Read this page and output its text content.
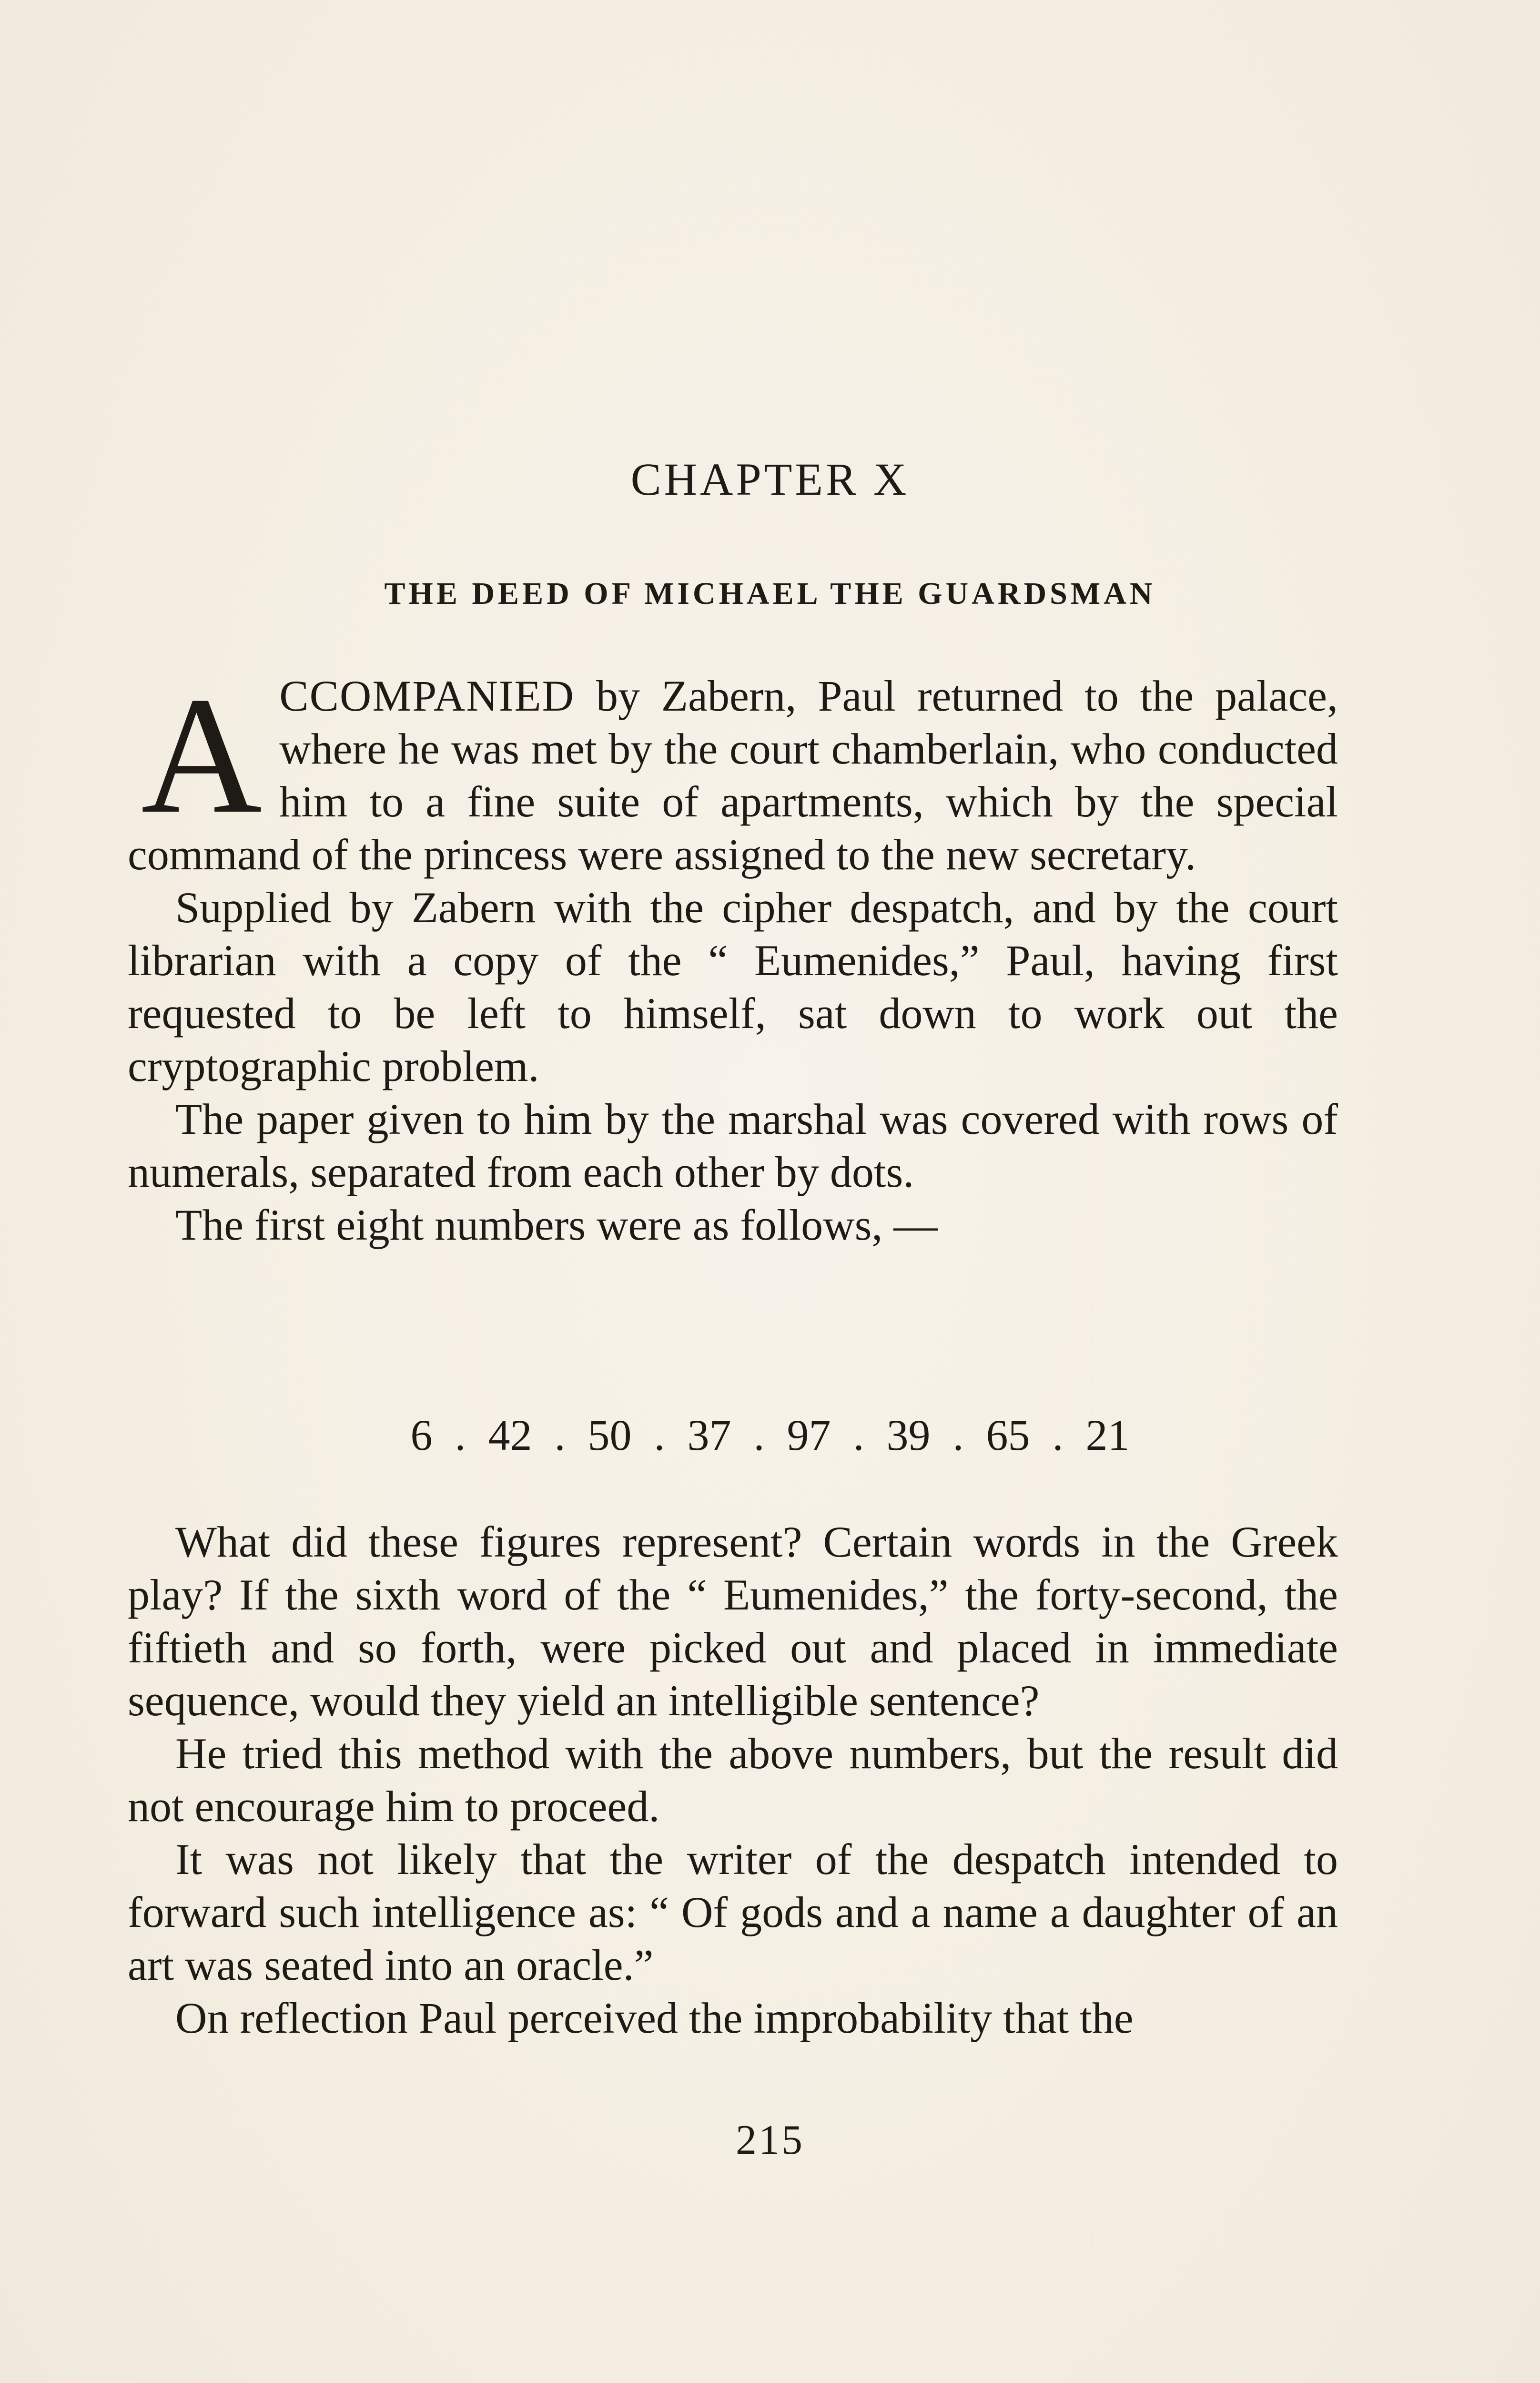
CHAPTER X
THE DEED OF MICHAEL THE GUARDSMAN

ACCOMPANIED by Zabern, Paul returned to the palace, where he was met by the court chamberlain, who conducted him to a fine suite of apartments, which by the special command of the princess were assigned to the new secretary.

Supplied by Zabern with the cipher despatch, and by the court librarian with a copy of the “ Eumenides,” Paul, having first requested to be left to himself, sat down to work out the cryptographic problem.

The paper given to him by the marshal was covered with rows of numerals, separated from each other by dots.

The first eight numbers were as follows, —

6 . 42 . 50 . 37 . 97 . 39 . 65 . 21

What did these figures represent? Certain words in the Greek play? If the sixth word of the “ Eumenides,” the forty-second, the fiftieth and so forth, were picked out and placed in immediate sequence, would they yield an intelligible sentence?

He tried this method with the above numbers, but the result did not encourage him to proceed.

It was not likely that the writer of the despatch intended to forward such intelligence as: “ Of gods and a name a daughter of an art was seated into an oracle.”

On reflection Paul perceived the improbability that the

215
